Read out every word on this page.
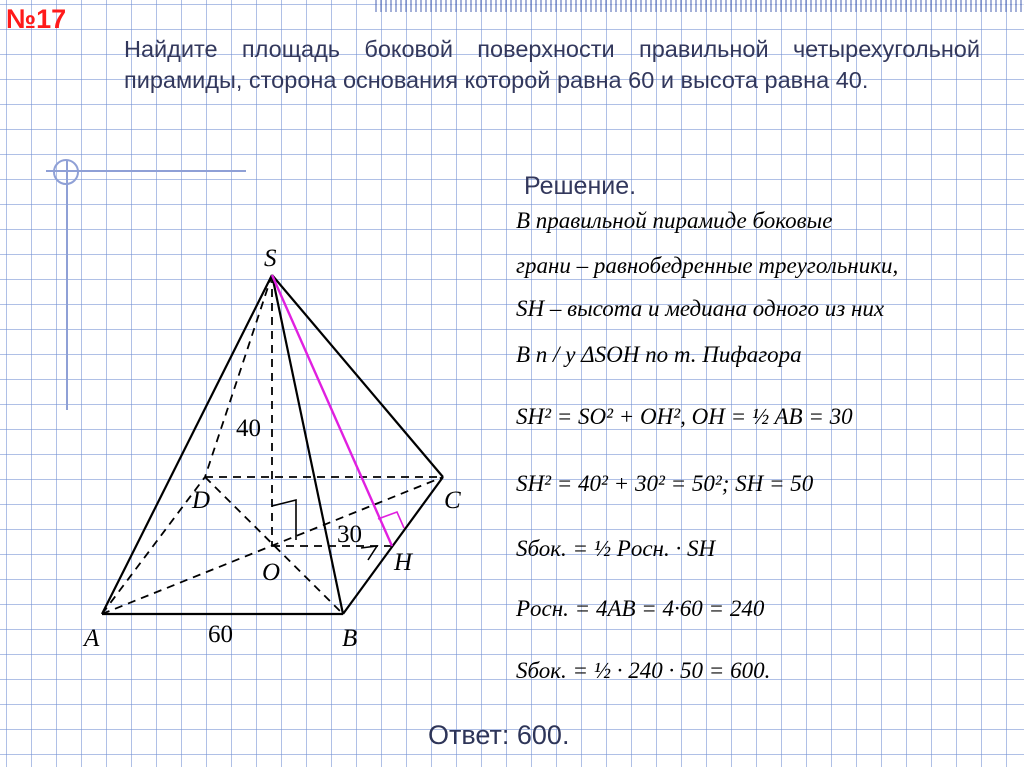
№17
Найдите площадь боковой поверхности правильной четырехугольной пирамиды, сторона основания которой равна 60 и высота равна 40.
Решение.
S
A	B
C
D
O	H
40
30
60
В правильной пирамиде боковые
грани – равнобедренные треугольники,
SH – высота и медиана одного из них
В п / у ΔSOH по т. Пифагора
SH² = SO² + OH², OH = ½ AB = 30
SH² = 40² + 30² = 50²; SH = 50
Sбок. = ½ Pосн. · SH
Pосн. = 4AB = 4·60 = 240
Sбок. = ½ · 240 · 50 = 600.
Ответ: 600.
